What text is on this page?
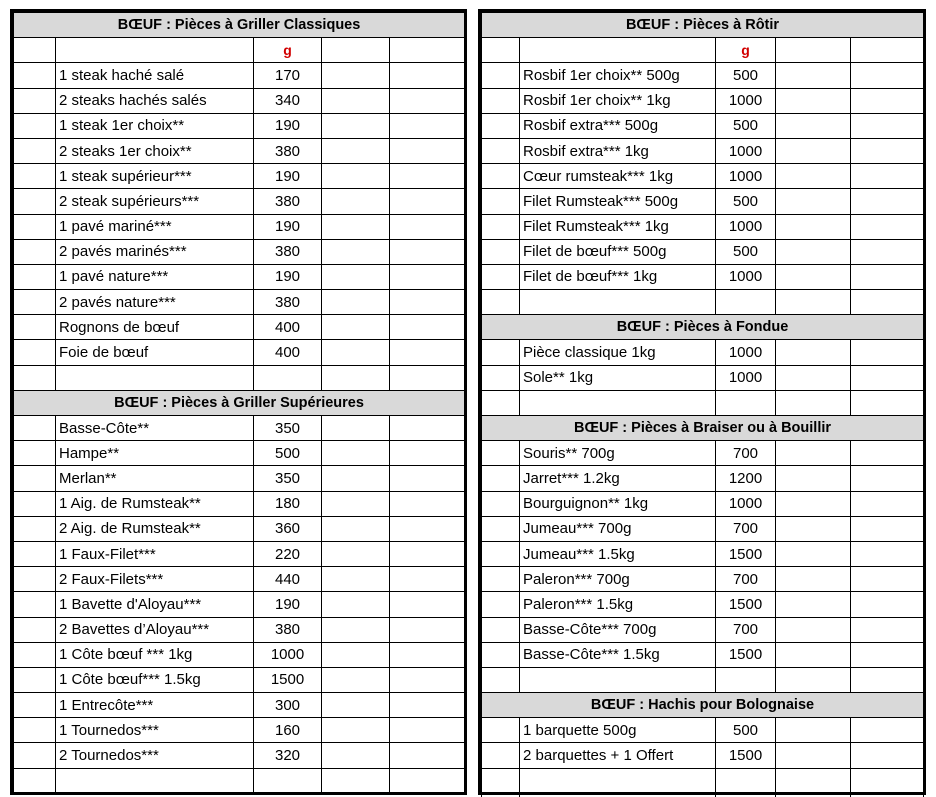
BŒUF : Pièces à Griller Classiques				
		g		
	1 steak haché salé	170		
	2 steaks hachés salés	340		
	1 steak 1er choix**	190		
	2 steaks 1er choix**	380		
	1 steak supérieur***	190		
	2 steak supérieurs***	380		
	1 pavé mariné***	190		
	2 pavés marinés***	380		
	1 pavé nature***	190		
	2 pavés nature***	380		
	Rognons de bœuf	400		
	Foie de bœuf	400		

BŒUF : Pièces à Griller Supérieures				
	Basse-Côte**	350		
	Hampe**	500		
	Merlan**	350		
	1 Aig. de Rumsteak**	180		
	2 Aig. de Rumsteak**	360		
	1 Faux-Filet***	220		
	2 Faux-Filets***	440		
	1 Bavette d'Aloyau***	190		
	2 Bavettes d’Aloyau***	380		
	1 Côte bœuf *** 1kg	1000		
	1 Côte bœuf*** 1.5kg	1500		
	1 Entrecôte***	300		
	1 Tournedos***	160		
	2 Tournedos***	320		

BŒUF : Pièces à Rôtir				
		g		
	Rosbif 1er choix** 500g	500		
	Rosbif 1er choix** 1kg	1000		
	Rosbif extra*** 500g	500		
	Rosbif extra*** 1kg	1000		
	Cœur rumsteak*** 1kg	1000		
	Filet Rumsteak*** 500g	500		
	Filet Rumsteak*** 1kg	1000		
	Filet de bœuf*** 500g	500		
	Filet de bœuf*** 1kg	1000		

BŒUF : Pièces à Fondue				
	Pièce classique 1kg	1000		
	Sole** 1kg	1000		

BŒUF : Pièces à Braiser ou à Bouillir				
	Souris** 700g	700		
	Jarret*** 1.2kg	1200		
	Bourguignon** 1kg	1000		
	Jumeau*** 700g	700		
	Jumeau*** 1.5kg	1500		
	Paleron*** 700g	700		
	Paleron*** 1.5kg	1500		
	Basse-Côte*** 700g	700		
	Basse-Côte*** 1.5kg	1500		

BŒUF : Hachis pour Bolognaise				
	1 barquette 500g	500		
	2 barquettes + 1 Offert	1500		
